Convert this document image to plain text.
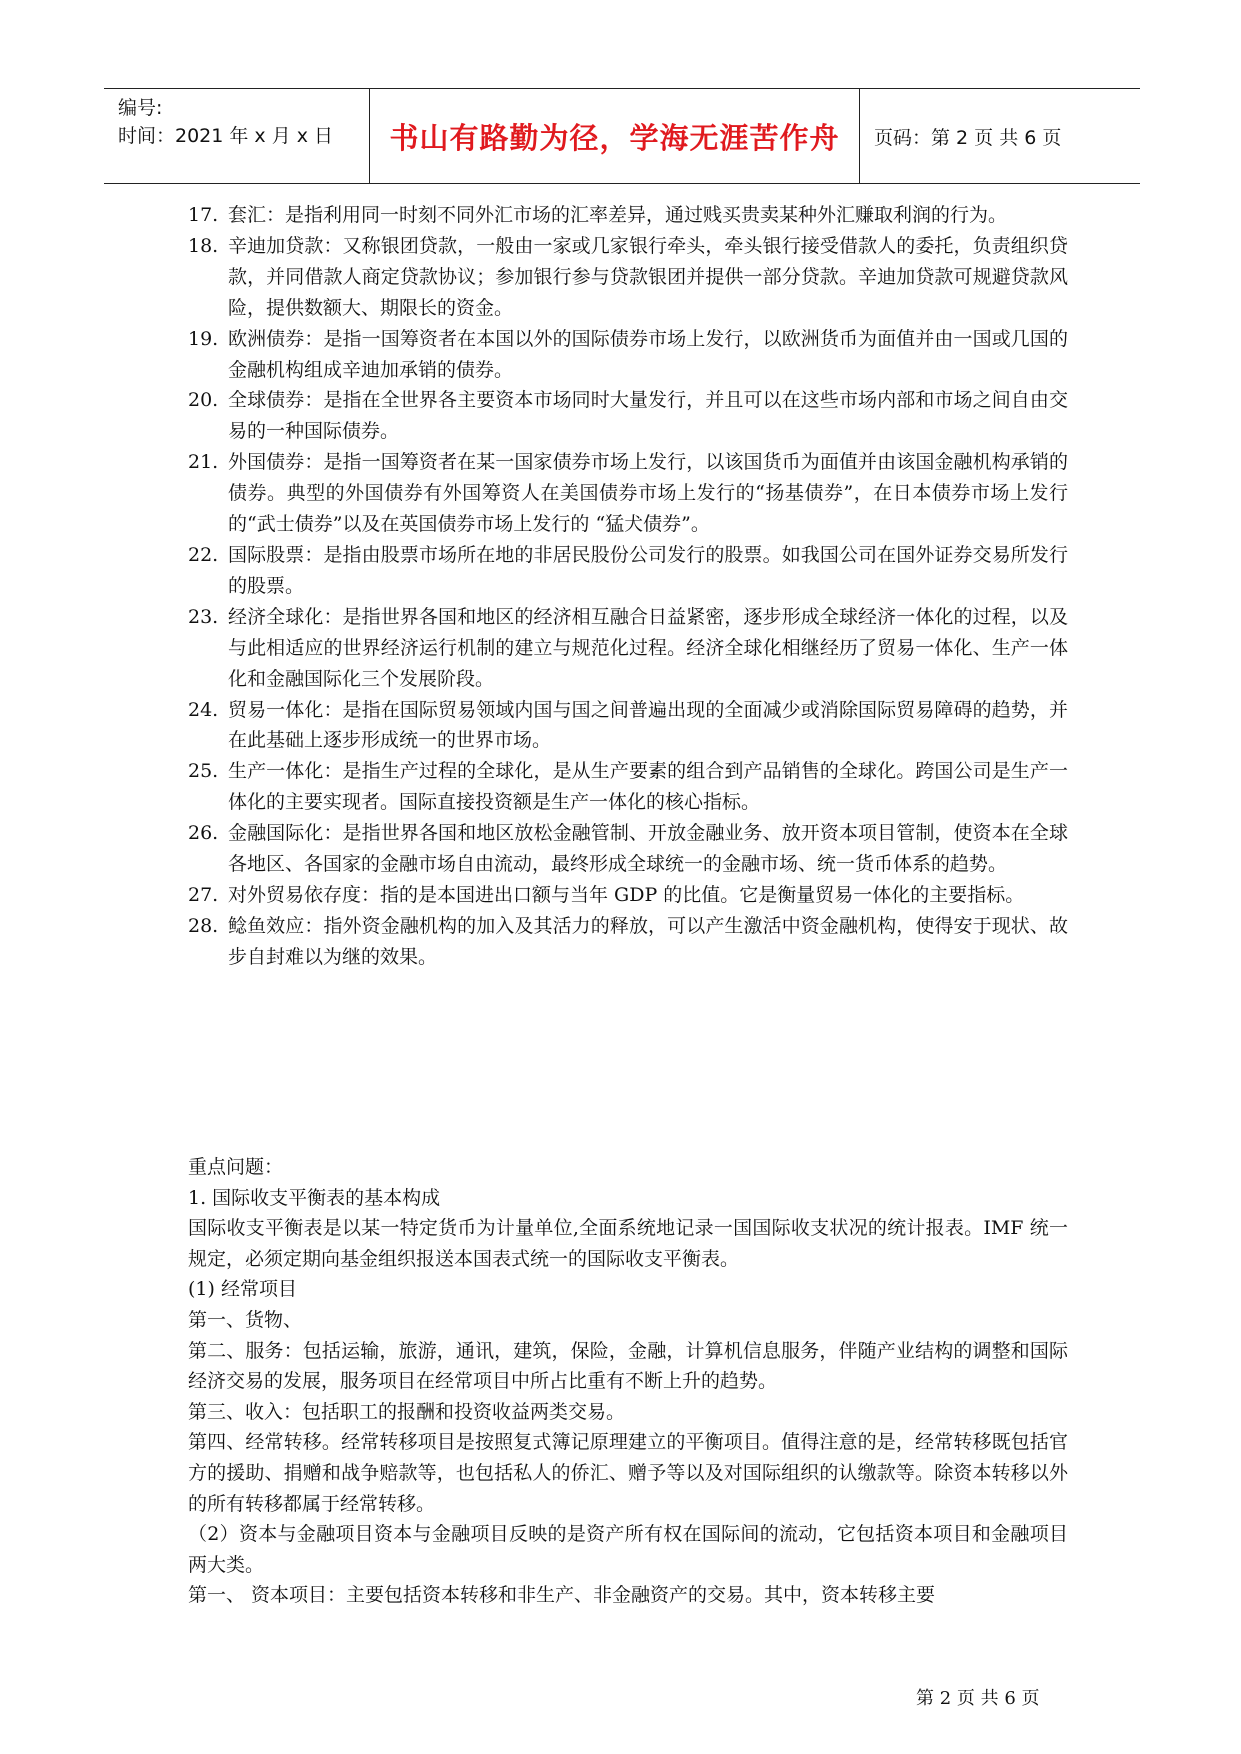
编号:
时间：2021 年 x 月 x 日 书山有路勤为径，学海无涯苦作舟 页码：第 2 页 共 6 页
17. 套汇：是指利用同一时刻不同外汇市场的汇率差异，通过贱买贵卖某种外汇赚取利润的行为。
18. 辛迪加贷款：又称银团贷款，一般由一家或几家银行牵头，牵头银行接受借款人的委托，负责组织贷款，并同借款人商定贷款协议；参加银行参与贷款银团并提供一部分贷款。辛迪加贷款可规避贷款风险，提供数额大、期限长的资金。
19. 欧洲债券：是指一国筹资者在本国以外的国际债券市场上发行，以欧洲货币为面值并由一国或几国的金融机构组成辛迪加承销的债券。
20. 全球债券：是指在全世界各主要资本市场同时大量发行，并且可以在这些市场内部和市场之间自由交易的一种国际债券。
21. 外国债券：是指一国筹资者在某一国家债券市场上发行，以该国货币为面值并由该国金融机构承销的债券。典型的外国债券有外国筹资人在美国债券市场上发行的“扬基债券”，在日本债券市场上发行的“武士债券”以及在英国债券市场上发行的 “猛犬债券”。
22. 国际股票：是指由股票市场所在地的非居民股份公司发行的股票。如我国公司在国外证券交易所发行的股票。
23. 经济全球化：是指世界各国和地区的经济相互融合日益紧密，逐步形成全球经济一体化的过程，以及与此相适应的世界经济运行机制的建立与规范化过程。经济全球化相继经历了贸易一体化、生产一体化和金融国际化三个发展阶段。
24. 贸易一体化：是指在国际贸易领域内国与国之间普遍出现的全面减少或消除国际贸易障碍的趋势，并在此基础上逐步形成统一的世界市场。
25. 生产一体化：是指生产过程的全球化，是从生产要素的组合到产品销售的全球化。跨国公司是生产一体化的主要实现者。国际直接投资额是生产一体化的核心指标。
26. 金融国际化：是指世界各国和地区放松金融管制、开放金融业务、放开资本项目管制，使资本在全球各地区、各国家的金融市场自由流动，最终形成全球统一的金融市场、统一货币体系的趋势。
27. 对外贸易依存度：指的是本国进出口额与当年 GDP 的比值。它是衡量贸易一体化的主要指标。
28. 鲶鱼效应：指外资金融机构的加入及其活力的释放，可以产生激活中资金融机构，使得安于现状、故步自封难以为继的效果。

重点问题：

1. 国际收支平衡表的基本构成

国际收支平衡表是以某一特定货币为计量单位,全面系统地记录一国国际收支状况的统计报表。IMF 统一规定，必须定期向基金组织报送本国表式统一的国际收支平衡表。

(1) 经常项目

第一、货物、

第二、服务：包括运输，旅游，通讯，建筑，保险，金融，计算机信息服务，伴随产业结构的调整和国际经济交易的发展，服务项目在经常项目中所占比重有不断上升的趋势。

第三、收入：包括职工的报酬和投资收益两类交易。

第四、经常转移。经常转移项目是按照复式簿记原理建立的平衡项目。值得注意的是，经常转移既包括官方的援助、捐赠和战争赔款等，也包括私人的侨汇、赠予等以及对国际组织的认缴款等。除资本转移以外的所有转移都属于经常转移。

（2）资本与金融项目资本与金融项目反映的是资产所有权在国际间的流动，它包括资本项目和金融项目两大类。

第一、 资本项目：主要包括资本转移和非生产、非金融资产的交易。其中，资本转移主要

第 2 页 共 6 页
